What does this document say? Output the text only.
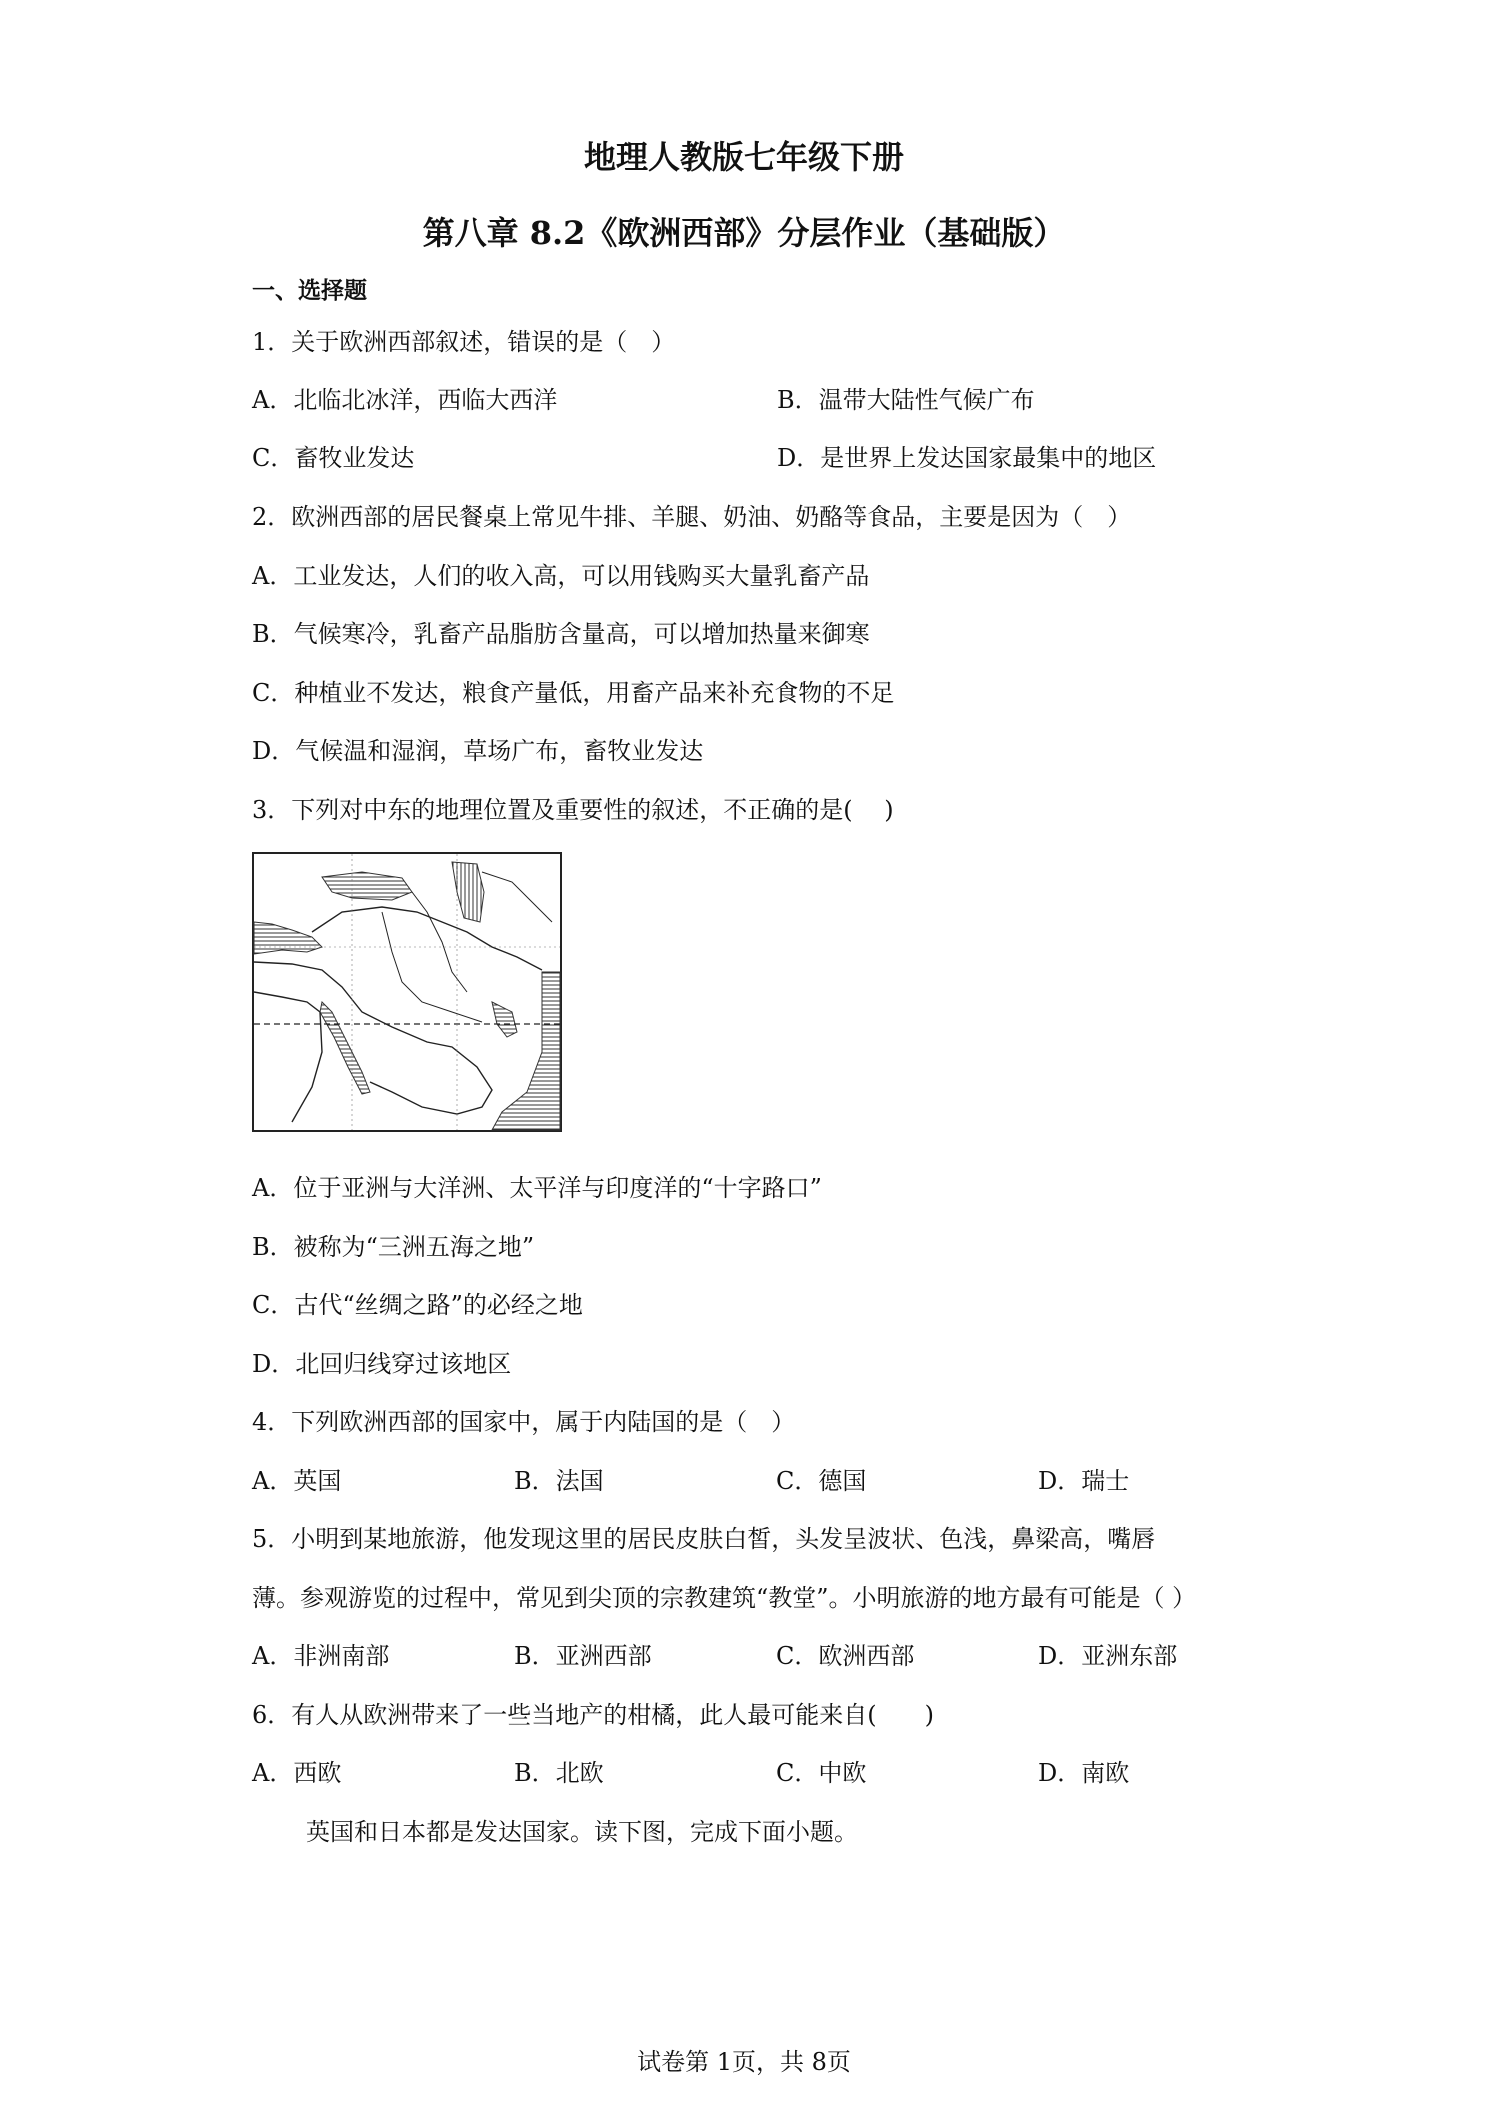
地理人教版七年级下册
第八章 8.2《欧洲西部》分层作业（基础版）
一、选择题
1．关于欧洲西部叙述，错误的是（　）
A．北临北冰洋，西临大西洋	B．温带大陆性气候广布
C．畜牧业发达	D．是世界上发达国家最集中的地区
2．欧洲西部的居民餐桌上常见牛排、羊腿、奶油、奶酪等食品，主要是因为（　）
A．工业发达，人们的收入高，可以用钱购买大量乳畜产品
B．气候寒冷，乳畜产品脂肪含量高，可以增加热量来御寒
C．种植业不发达，粮食产量低，用畜产品来补充食物的不足
D．气候温和湿润，草场广布，畜牧业发达
3．下列对中东的地理位置及重要性的叙述，不正确的是(　 )
A．位于亚洲与大洋洲、太平洋与印度洋的“十字路口”
B．被称为“三洲五海之地”
C．古代“丝绸之路”的必经之地
D．北回归线穿过该地区
4．下列欧洲西部的国家中，属于内陆国的是（　）
A．英国	B．法国	C．德国	D．瑞士
5．小明到某地旅游，他发现这里的居民皮肤白皙，头发呈波状、色浅，鼻梁高，嘴唇
薄。参观游览的过程中，常见到尖顶的宗教建筑“教堂”。小明旅游的地方最有可能是（ ）
A．非洲南部	B．亚洲西部	C．欧洲西部	D．亚洲东部
6．有人从欧洲带来了一些当地产的柑橘，此人最可能来自(　　)
A．西欧	B．北欧	C．中欧	D．南欧
英国和日本都是发达国家。读下图，完成下面小题。
试卷第 1页，共 8页
